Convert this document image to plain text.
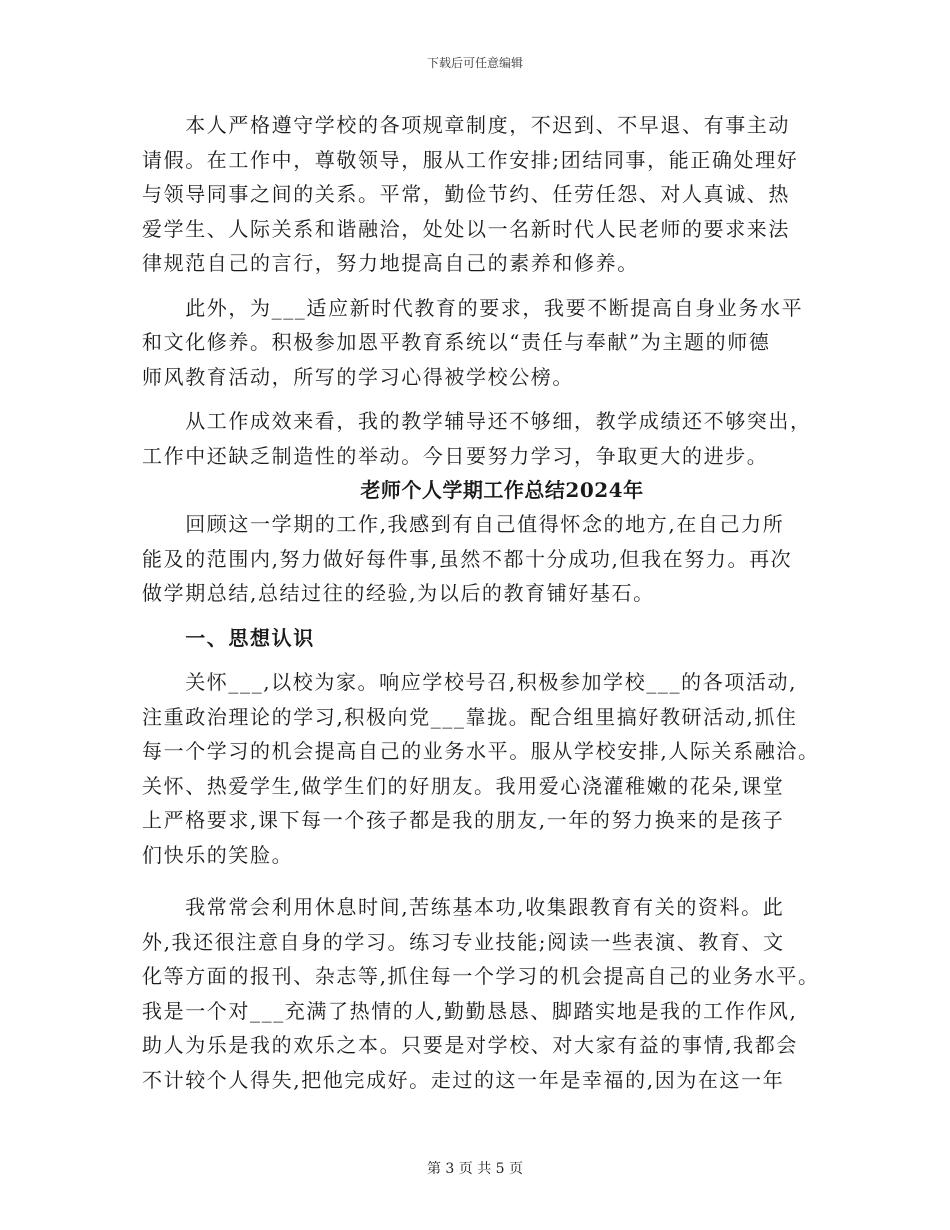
下载后可任意编辑
　　本人严格遵守学校的各项规章制度，不迟到、不早退、有事主动
请假。在工作中，尊敬领导，服从工作安排;团结同事，能正确处理好
与领导同事之间的关系。平常，勤俭节约、任劳任怨、对人真诚、热
爱学生、人际关系和谐融洽，处处以一名新时代人民老师的要求来法
律规范自己的言行，努力地提高自己的素养和修养。
　　此外，为___适应新时代教育的要求，我要不断提高自身业务水平
和文化修养。积极参加恩平教育系统以“责任与奉献”为主题的师德
师风教育活动，所写的学习心得被学校公榜。
　　从工作成效来看，我的教学辅导还不够细，教学成绩还不够突出，
工作中还缺乏制造性的举动。今日要努力学习，争取更大的进步。
老师个人学期工作总结2024年
　　回顾这一学期的工作,我感到有自己值得怀念的地方,在自己力所
能及的范围内,努力做好每件事,虽然不都十分成功,但我在努力。再次
做学期总结,总结过往的经验,为以后的教育铺好基石。
　　一、思想认识
　　关怀___,以校为家。响应学校号召,积极参加学校___的各项活动,
注重政治理论的学习,积极向党___靠拢。配合组里搞好教研活动,抓住
每一个学习的机会提高自己的业务水平。服从学校安排,人际关系融洽。
关怀、热爱学生,做学生们的好朋友。我用爱心浇灌稚嫩的花朵,课堂
上严格要求,课下每一个孩子都是我的朋友,一年的努力换来的是孩子
们快乐的笑脸。
　　我常常会利用休息时间,苦练基本功,收集跟教育有关的资料。此
外,我还很注意自身的学习。练习专业技能;阅读一些表演、教育、文
化等方面的报刊、杂志等,抓住每一个学习的机会提高自己的业务水平。
我是一个对___充满了热情的人,勤勤恳恳、脚踏实地是我的工作作风,
助人为乐是我的欢乐之本。只要是对学校、对大家有益的事情,我都会
不计较个人得失,把他完成好。走过的这一年是幸福的,因为在这一年
第 3 页 共 5 页
